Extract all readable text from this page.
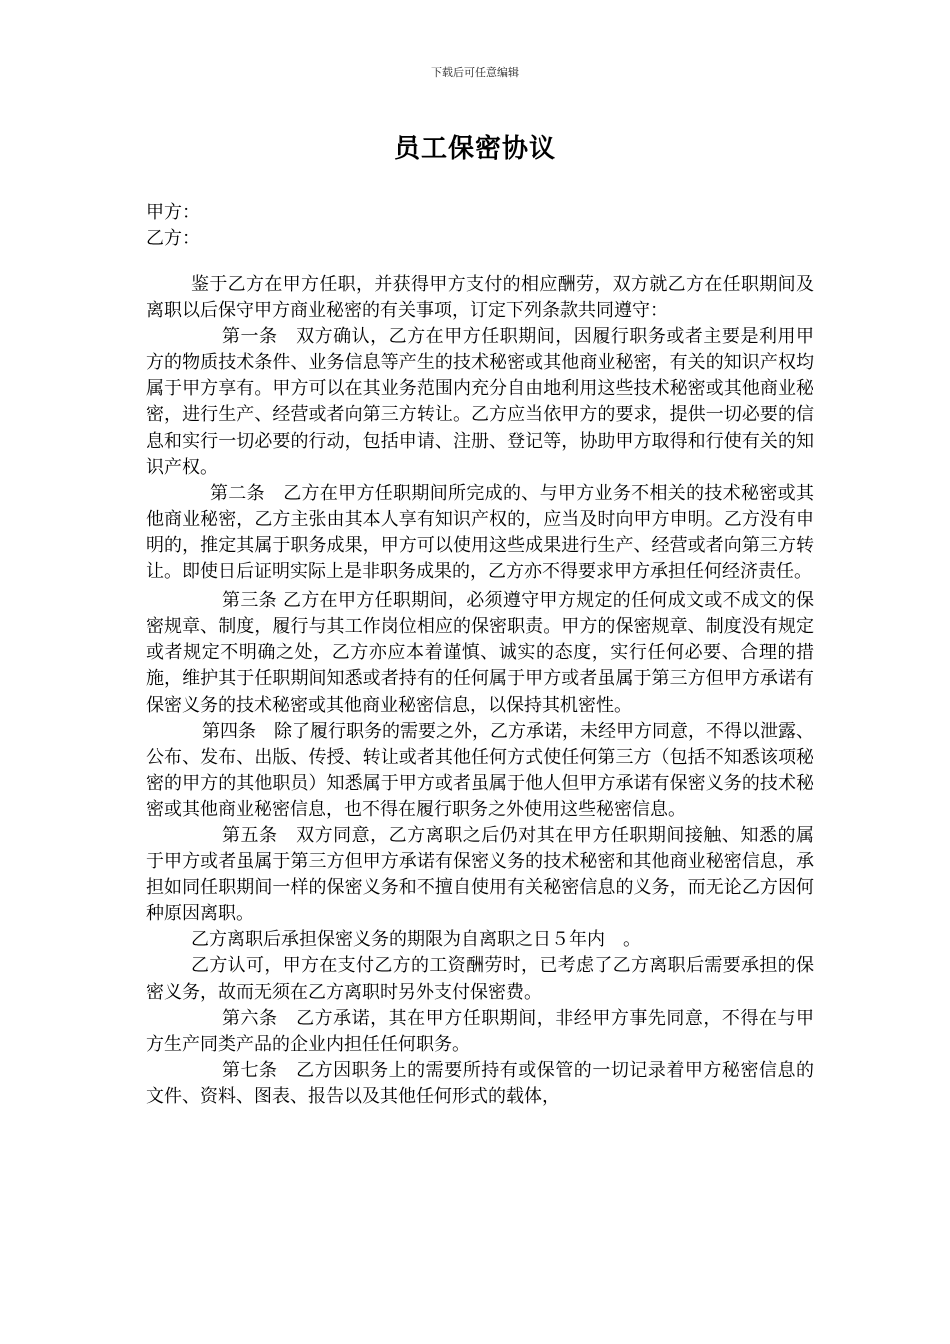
下载后可任意编辑
员工保密协议
甲方：
乙方：

鉴于乙方在甲方任职，并获得甲方支付的相应酬劳，双方就乙方在任职期间及离职以后保守甲方商业秘密的有关事项，订定下列条款共同遵守：

第一条　双方确认，乙方在甲方任职期间，因履行职务或者主要是利用甲方的物质技术条件、业务信息等产生的技术秘密或其他商业秘密，有关的知识产权均属于甲方享有。甲方可以在其业务范围内充分自由地利用这些技术秘密或其他商业秘密，进行生产、经营或者向第三方转让。乙方应当依甲方的要求，提供一切必要的信息和实行一切必要的行动，包括申请、注册、登记等，协助甲方取得和行使有关的知识产权。

第二条　乙方在甲方任职期间所完成的、与甲方业务不相关的技术秘密或其他商业秘密，乙方主张由其本人享有知识产权的，应当及时向甲方申明。乙方没有申明的，推定其属于职务成果，甲方可以使用这些成果进行生产、经营或者向第三方转让。即使日后证明实际上是非职务成果的，乙方亦不得要求甲方承担任何经济责任。

第三条 乙方在甲方任职期间，必须遵守甲方规定的任何成文或不成文的保密规章、制度，履行与其工作岗位相应的保密职责。甲方的保密规章、制度没有规定或者规定不明确之处，乙方亦应本着谨慎、诚实的态度，实行任何必要、合理的措施，维护其于任职期间知悉或者持有的任何属于甲方或者虽属于第三方但甲方承诺有保密义务的技术秘密或其他商业秘密信息，以保持其机密性。

第四条　除了履行职务的需要之外，乙方承诺，未经甲方同意，不得以泄露、公布、发布、出版、传授、转让或者其他任何方式使任何第三方（包括不知悉该项秘密的甲方的其他职员）知悉属于甲方或者虽属于他人但甲方承诺有保密义务的技术秘密或其他商业秘密信息，也不得在履行职务之外使用这些秘密信息。

第五条　双方同意，乙方离职之后仍对其在甲方任职期间接触、知悉的属于甲方或者虽属于第三方但甲方承诺有保密义务的技术秘密和其他商业秘密信息，承担如同任职期间一样的保密义务和不擅自使用有关秘密信息的义务，而无论乙方因何种原因离职。

乙方离职后承担保密义务的期限为自离职之日５年内　。

乙方认可，甲方在支付乙方的工资酬劳时，已考虑了乙方离职后需要承担的保密义务，故而无须在乙方离职时另外支付保密费。

第六条　乙方承诺，其在甲方任职期间，非经甲方事先同意，不得在与甲方生产同类产品的企业内担任任何职务。

第七条　乙方因职务上的需要所持有或保管的一切记录着甲方秘密信息的文件、资料、图表、报告以及其他任何形式的载体，
